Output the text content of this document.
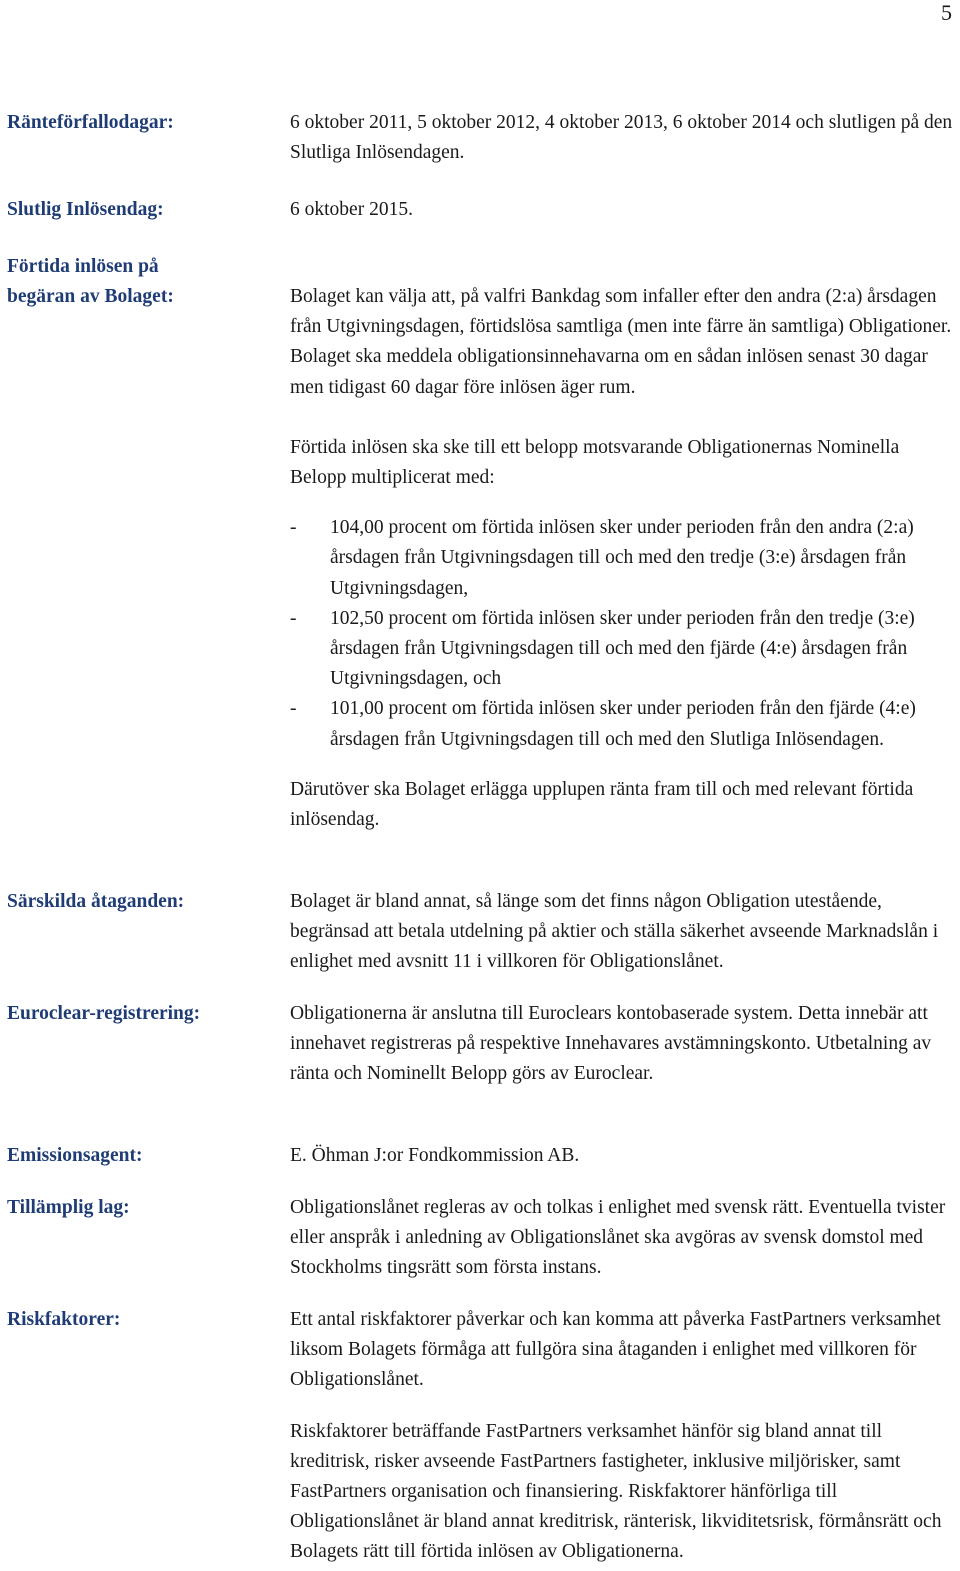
5
Ränteförfallodagar:	6 oktober 2011, 5 oktober 2012, 4 oktober 2013, 6 oktober 2014 och slutligen på den Slutliga Inlösendagen.

Slutlig Inlösendag:	6 oktober 2015.

Förtida inlösen på
begäran av Bolaget:	Bolaget kan välja att, på valfri Bankdag som infaller efter den andra (2:a) årsdagen från Utgivningsdagen, förtidslösa samtliga (men inte färre än samtliga) Obligationer. Bolaget ska meddela obligationsinnehavarna om en sådan inlösen senast 30 dagar men tidigast 60 dagar före inlösen äger rum.

Förtida inlösen ska ske till ett belopp motsvarande Obligationernas Nominella Belopp multiplicerat med:

- 104,00 procent om förtida inlösen sker under perioden från den andra (2:a) årsdagen från Utgivningsdagen till och med den tredje (3:e) årsdagen från Utgivningsdagen,
- 102,50 procent om förtida inlösen sker under perioden från den tredje (3:e) årsdagen från Utgivningsdagen till och med den fjärde (4:e) årsdagen från Utgivningsdagen, och
- 101,00 procent om förtida inlösen sker under perioden från den fjärde (4:e) årsdagen från Utgivningsdagen till och med den Slutliga Inlösendagen.

Därutöver ska Bolaget erlägga upplupen ränta fram till och med relevant förtida inlösendag.

Särskilda åtaganden:	Bolaget är bland annat, så länge som det finns någon Obligation utestående, begränsad att betala utdelning på aktier och ställa säkerhet avseende Marknadslån i enlighet med avsnitt 11 i villkoren för Obligationslånet.

Euroclear-registrering:	Obligationerna är anslutna till Euroclears kontobaserade system. Detta innebär att innehavet registreras på respektive Innehavares avstämningskonto. Utbetalning av ränta och Nominellt Belopp görs av Euroclear.

Emissionsagent:	E. Öhman J:or Fondkommission AB.

Tillämplig lag:	Obligationslånet regleras av och tolkas i enlighet med svensk rätt. Eventuella tvister eller anspråk i anledning av Obligationslånet ska avgöras av svensk domstol med Stockholms tingsrätt som första instans.

Riskfaktorer:	Ett antal riskfaktorer påverkar och kan komma att påverka FastPartners verksamhet liksom Bolagets förmåga att fullgöra sina åtaganden i enlighet med villkoren för Obligationslånet.

Riskfaktorer beträffande FastPartners verksamhet hänför sig bland annat till kreditrisk, risker avseende FastPartners fastigheter, inklusive miljörisker, samt FastPartners organisation och finansiering. Riskfaktorer hänförliga till Obligationslånet är bland annat kreditrisk, ränterisk, likviditetsrisk, förmånsrätt och Bolagets rätt till förtida inlösen av Obligationerna.
